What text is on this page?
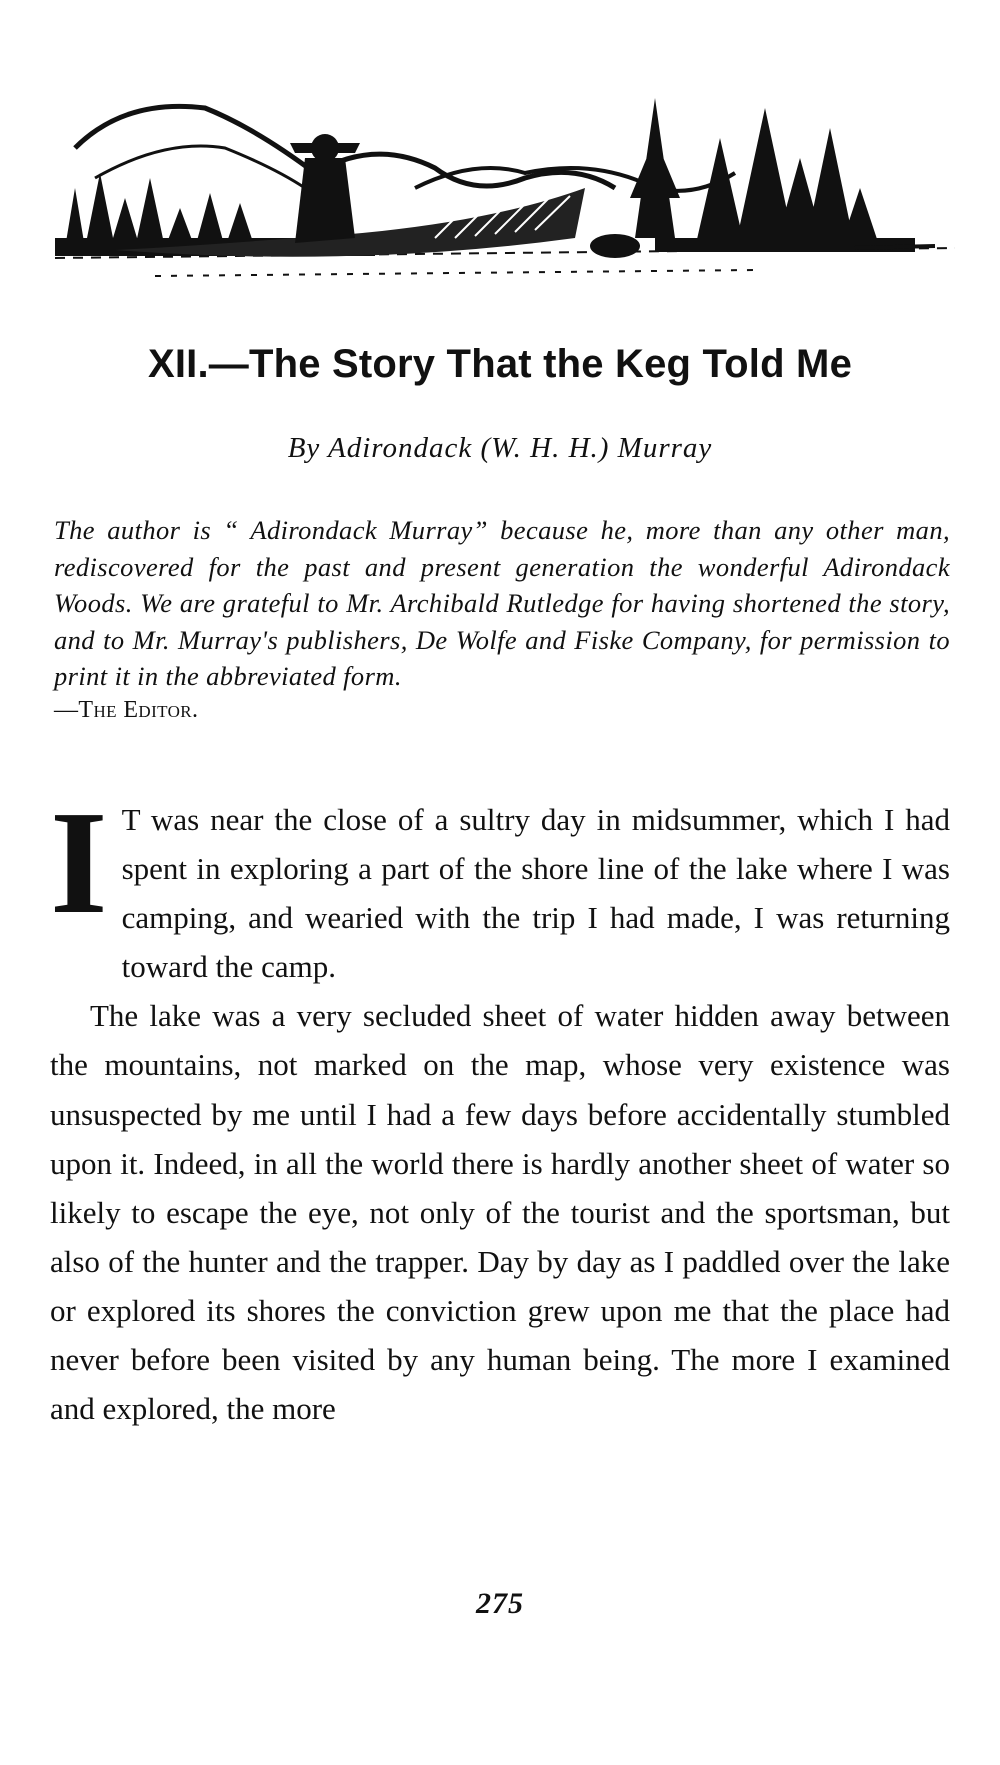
XII.—The Story That the Keg Told Me
By Adirondack (W. H. H.) Murray
The author is “ Adirondack Murray” because he, more than any other man, rediscovered for the past and present generation the wonderful Adirondack Woods. We are grateful to Mr. Archibald Rutledge for having shortened the story, and to Mr. Murray's publishers, De Wolfe and Fiske Company, for permission to print it in the abbreviated form.
—The Editor.

I T was near the close of a sultry day in midsummer, which I had spent in exploring a part of the shore line of the lake where I was camping, and wearied with the trip I had made, I was returning toward the camp.

The lake was a very secluded sheet of water hidden away between the mountains, not marked on the map, whose very existence was unsuspected by me until I had a few days before accidentally stumbled upon it. Indeed, in all the world there is hardly another sheet of water so likely to escape the eye, not only of the tourist and the sportsman, but also of the hunter and the trapper. Day by day as I paddled over the lake or explored its shores the conviction grew upon me that the place had never before been visited by any human being. The more I examined and explored, the more

275
